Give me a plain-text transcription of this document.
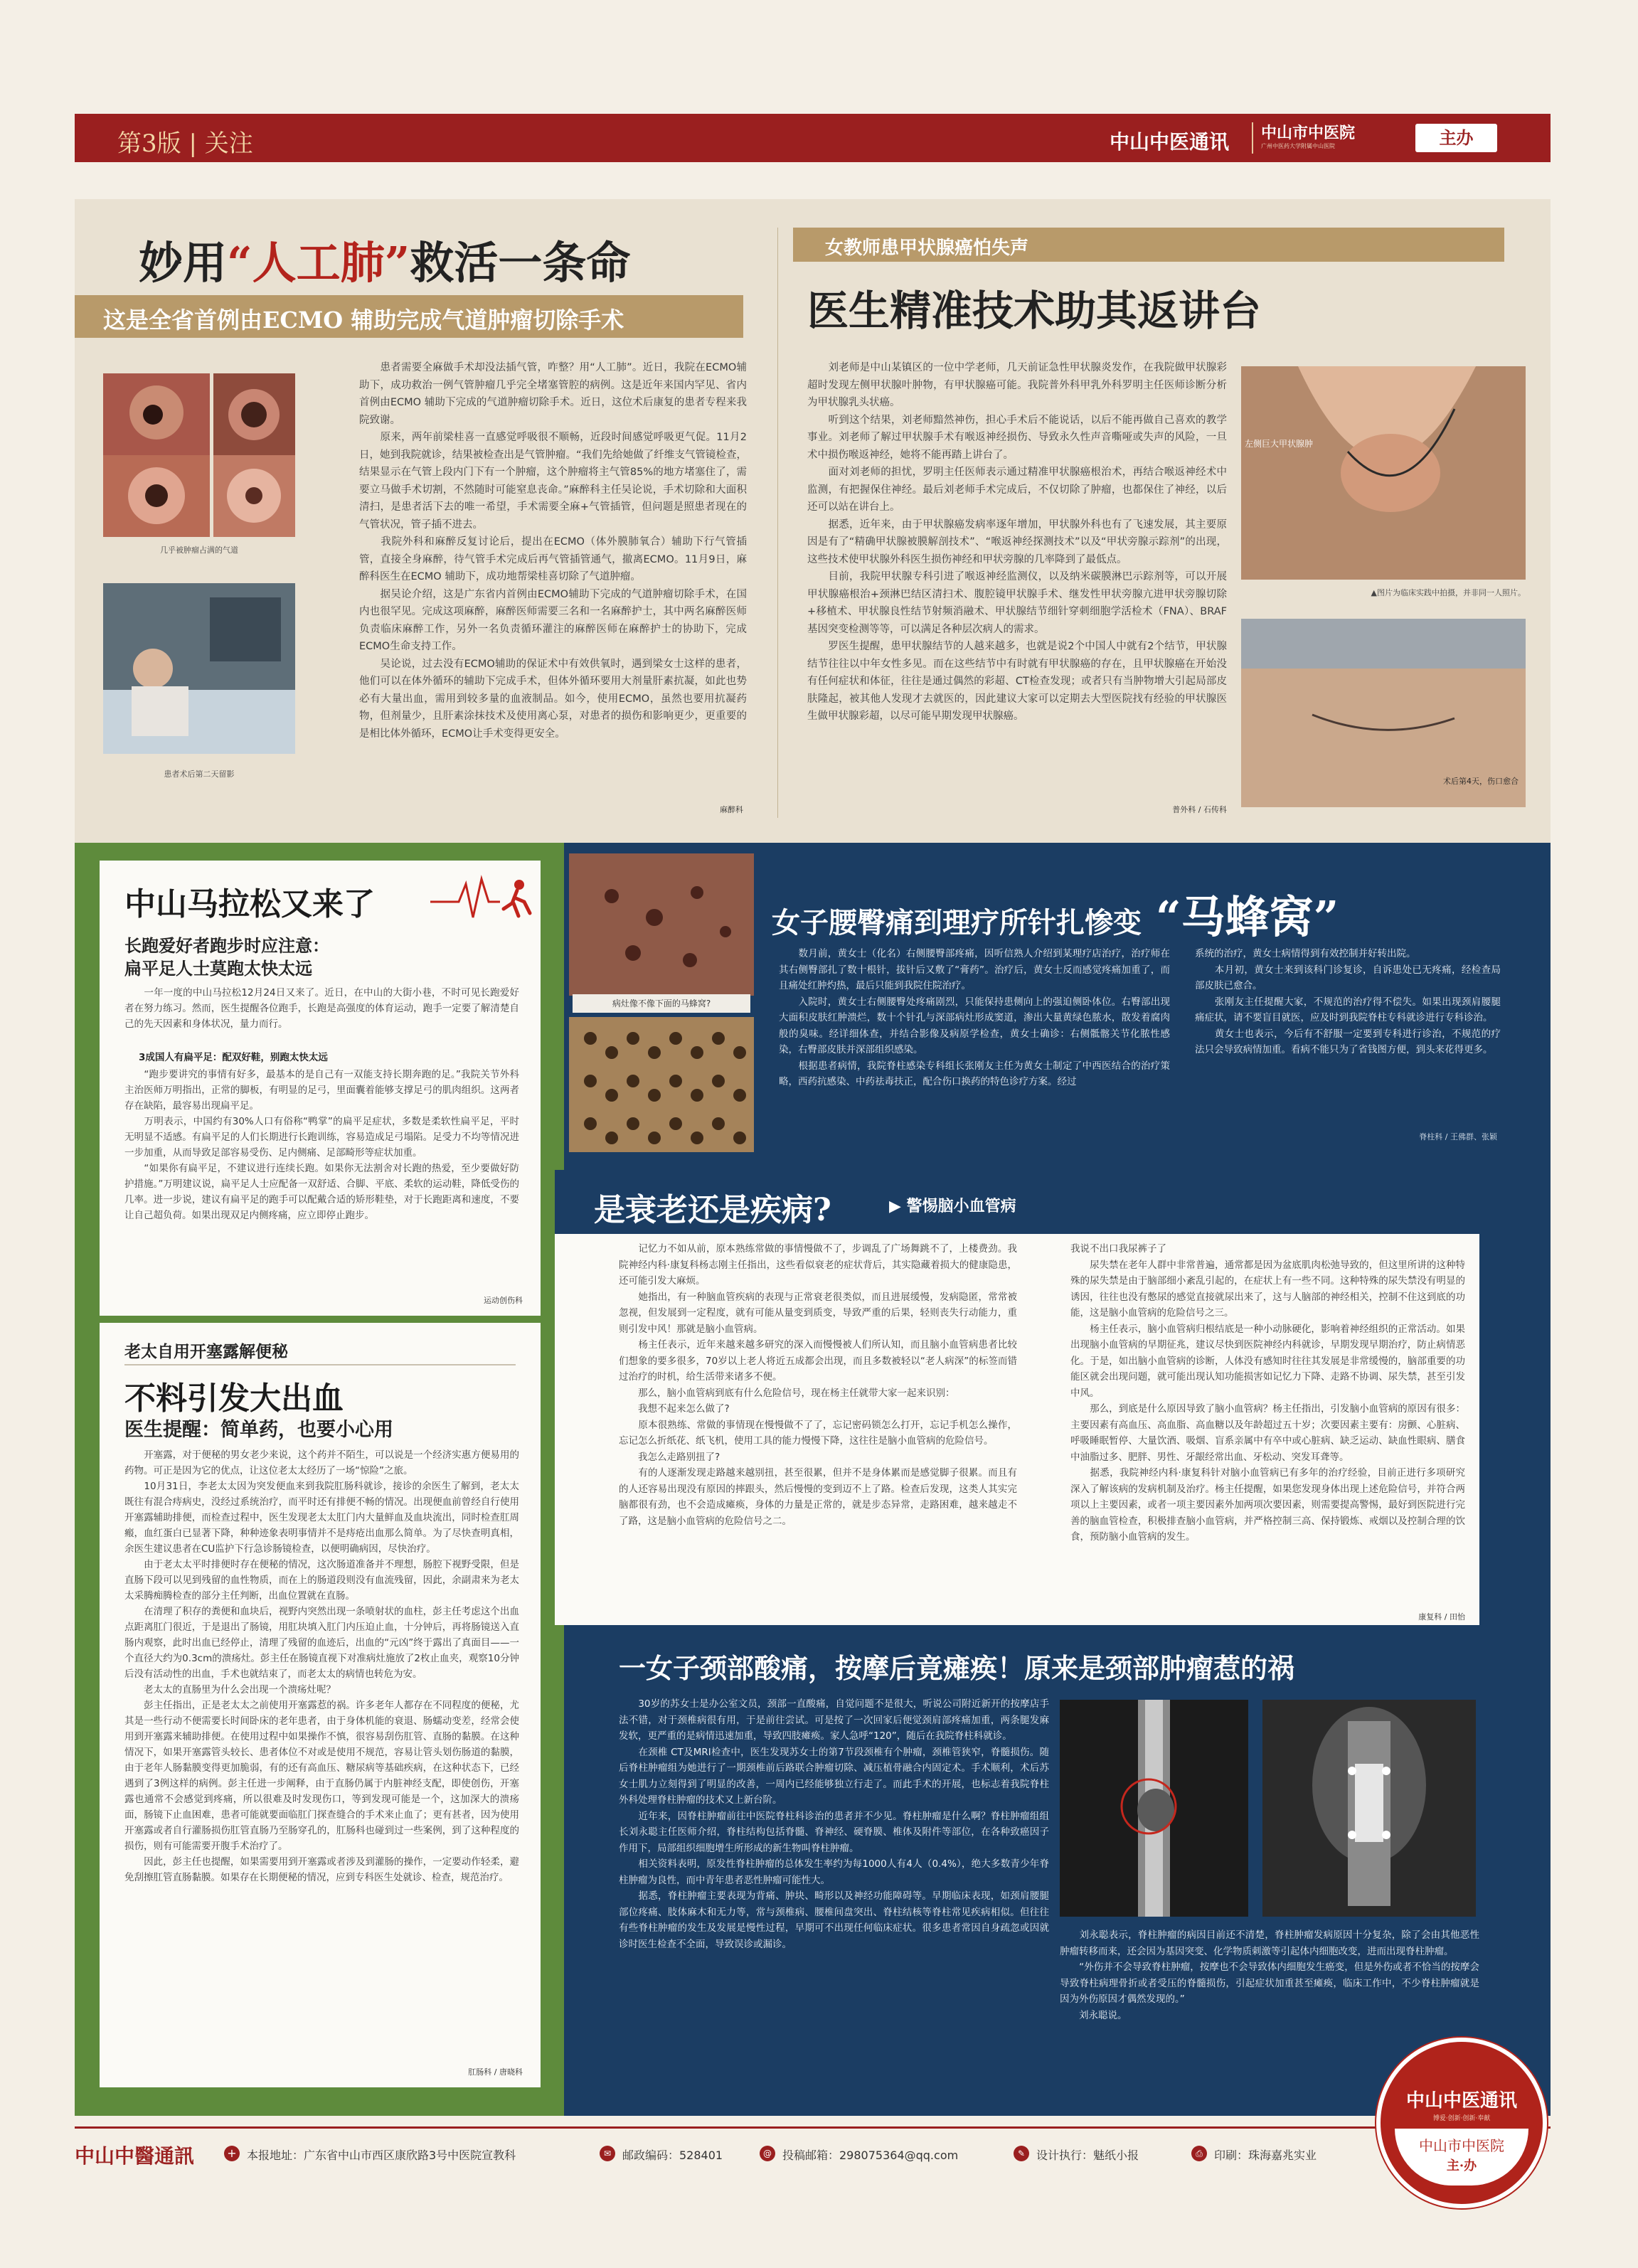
第3版 | 关注	中山中医通讯 中山市中医院
广州中医药大学附属中山医院	主办
妙用“人工肺”救活一条命
这是全省首例由ECMO 辅助完成气道肿瘤切除手术
几乎被肿瘤占满的气道
患者术后第二天留影
　　患者需要全麻做手术却没法插气管，咋整？用“人工肺”。近日，我院在ECMO辅助下，成功救治一例气管肿瘤几乎完全堵塞管腔的病例。这是近年来国内罕见、省内首例由ECMO 辅助下完成的气道肿瘤切除手术。近日，这位术后康复的患者专程来我院致谢。
　　原来，两年前梁桂喜一直感觉呼吸很不顺畅，近段时间感觉呼吸更气促。11月2日，她到我院就诊，结果被检查出是气管肿瘤。“我们先给她做了纤维支气管镜检查，结果显示在气管上段内门下有一个肿瘤，这个肿瘤将主气管85%的地方堵塞住了，需要立马做手术切割，不然随时可能窒息丧命。”麻醉科主任吴论说，手术切除和大面积清扫，是患者活下去的唯一希望，手术需要全麻+气管插管，但问题是照患者现在的气管状况，管子插不进去。
　　我院外科和麻醉反复讨论后，提出在ECMO（体外膜肺氧合）辅助下行气管插管，直接全身麻醉，待气管手术完成后再气管插管通气，撤离ECMO。11月9日，麻醉科医生在ECMO 辅助下，成功地帮梁桂喜切除了气道肿瘤。
　　据吴论介绍，这是广东省内首例由ECMO辅助下完成的气道肿瘤切除手术，在国内也很罕见。完成这项麻醉，麻醉医师需要三名和一名麻醉护士，其中两名麻醉医师负责临床麻醉工作，另外一名负责循环灌注的麻醉医师在麻醉护士的协助下，完成ECMO生命支持工作。
　　吴论说，过去没有ECMO辅助的保证术中有效供氧时，遇到梁女士这样的患者，他们可以在体外循环的辅助下完成手术，但体外循环要用大剂量肝素抗凝，如此也势必有大量出血，需用到较多量的血液制品。如今，使用ECMO，虽然也要用抗凝药物，但剂量少，且肝素涂抹技术及使用离心泵，对患者的损伤和影响更少，更重要的是相比体外循环，ECMO让手术变得更安全。
麻醉科
女教师患甲状腺癌怕失声
医生精准技术助其返讲台
　　刘老师是中山某镇区的一位中学老师，几天前证急性甲状腺炎发作，在我院做甲状腺彩超时发现左侧甲状腺叶肿物，有甲状腺癌可能。我院普外科甲乳外科罗明主任医师诊断分析为甲状腺乳头状癌。
　　听到这个结果，刘老师黯然神伤，担心手术后不能说话，以后不能再做自己喜欢的教学事业。刘老师了解过甲状腺手术有喉返神经损伤、导致永久性声音嘶哑或失声的风险，一旦术中损伤喉返神经，她将不能再踏上讲台了。
　　面对刘老师的担忧，罗明主任医师表示通过精准甲状腺癌根治术，再结合喉返神经术中监测，有把握保住神经。最后刘老师手术完成后，不仅切除了肿瘤，也都保住了神经，以后还可以站在讲台上。
　　据悉，近年来，由于甲状腺癌发病率逐年增加，甲状腺外科也有了飞速发展，其主要原因是有了“精确甲状腺被膜解剖技术”、“喉返神经探测技术”以及“甲状旁腺示踪剂”的出现，这些技术使甲状腺外科医生损伤神经和甲状旁腺的几率降到了最低点。
　　目前，我院甲状腺专科引进了喉返神经监测仪，以及纳米碳膜淋巴示踪剂等，可以开展甲状腺癌根治+颈淋巴结区清扫术、腹腔镜甲状腺手术、继发性甲状旁腺亢进甲状旁腺切除+移植术、甲状腺良性结节射频消融术、甲状腺结节细针穿刺细胞学活检术（FNA）、BRAF基因突变检测等等，可以满足各种层次病人的需求。
　　罗医生提醒，患甲状腺结节的人越来越多，也就是说2个中国人中就有2个结节，甲状腺结节往往以中年女性多见。而在这些结节中有时就有甲状腺癌的存在，且甲状腺癌在开始没有任何症状和体征，往往是通过偶然的彩超、CT检查发现；或者只有当肿物增大引起局部皮肤隆起，被其他人发现才去就医的，因此建议大家可以定期去大型医院找有经验的甲状腺医生做甲状腺彩超，以尽可能早期发现甲状腺癌。
普外科 / 石传科
左侧巨大甲状腺肿
▲图片为临床实践中拍摄，并非同一人照片。
术后第4天，伤口愈合
中山马拉松又来了
长跑爱好者跑步时应注意：
扁平足人士莫跑太快太远
　　一年一度的中山马拉松12月24日又来了。近日，在中山的大街小巷，不时可见长跑爱好者在努力练习。然而，医生提醒各位跑手，长跑是高强度的体育运动，跑手一定要了解清楚自己的先天因素和身体状况，量力而行。
3成国人有扁平足：配双好鞋，别跑太快太远
　　“跑步要讲究的事情有好多，最基本的是自己有一双能支持长期奔跑的足。”我院关节外科主治医师万明指出，正常的脚板，有明显的足弓，里面囊着能够支撑足弓的肌肉组织。这两者存在缺陷，最容易出现扁平足。
　　万明表示，中国约有30%人口有俗称“鸭掌”的扁平足症状，多数是柔软性扁平足，平时无明显不适感。有扁平足的人们长期进行长跑训练，容易造成足弓塌陷。足受力不均等情况进一步加重，从而导致足部容易受伤、足内侧痛、足部畸形等症状加重。
　　“如果你有扁平足，不建议进行连续长跑。如果你无法割舍对长跑的热爱，至少要做好防护措施。”万明建议说，扁平足人士应配备一双舒适、合脚、平底、柔软的运动鞋，降低受伤的几率。进一步说，建议有扁平足的跑手可以配戴合适的矫形鞋垫，对于长跑距离和速度，不要让自己超负荷。如果出现双足内侧疼痛，应立即停止跑步。
运动创伤科
老太自用开塞露解便秘
不料引发大出血
医生提醒：简单药，也要小心用
　　开塞露，对于便秘的男女老少来说，这个药并不陌生，可以说是一个经济实惠方便易用的药物。可正是因为它的优点，让这位老太太经历了一场“惊险”之旅。
　　10月31日，李老太太因为突发便血来到我院肛肠科就诊，接诊的余医生了解到，老太太既往有混合痔病史，没经过系统治疗，而平时还有排便不畅的情况。出现便血前曾经自行使用开塞露辅助排便，而检查过程中，医生发现老太太肛门内大量鲜血及血块流出，同时检查肛周瘢，血红蛋白已显著下降，种种迹象表明事情并不是痔疮出血那么简单。为了尽快查明真相，余医生建议患者在CU监护下行急诊肠镜检查，以便明确病因，尽快治疗。
　　由于老太太平时排便时存在便秘的情况，这次肠道准备并不理想，肠腔下视野受限，但是直肠下段可以见到残留的血性物质，而在上的肠道段则没有血流残留，因此，余副肃来为老太太采腾痴腾检查的部分主任判断，出血位置就在直肠。
　　在清理了积存的粪便和血块后，视野内突然出现一条喷射状的血柱，彭主任考虑这个出血点距离肛门很近，于是退出了肠镜，用肛块填入肛门内压迫止血，十分钟后，再将肠镜送入直肠内观察，此时出血已经停止，清理了残留的血迹后，出血的“元凶”终于露出了真面目——一个直径大约为0.3cm的溃疡灶。彭主任在肠镜直视下对准病灶施放了2枚止血夹，观察10分钟后没有活动性的出血，手术也就结束了，而老太太的病情也转危为安。
　　老太太的直肠里为什么会出现一个溃疡灶呢？
　　彭主任指出，正是老太太之前使用开塞露惹的祸。许多老年人都存在不同程度的便秘，尤其是一些行动不便需要长时间卧床的老年患者，由于身体机能的衰退、肠蠕动变差，经常会使用到开塞露来辅助排便。在使用过程中如果操作不慎，很容易刮伤肛管、直肠的黏膜。在这种情况下，如果开塞露管头较长、患者体位不对或是使用不规范，容易让管头划伤肠道的黏膜，由于老年人肠黏膜变得更加脆弱，有的还有高血压、糖尿病等基础疾病，在这种状态下，已经遇到了3例这样的病例。彭主任进一步阐释，由于直肠仍属于内脏神经支配，即使创伤，开塞露也通常不会感觉到疼痛，所以很难及时发现伤口，等到发现可能是一个，这加深大的溃疡面，肠镜下止血困难，患者可能就要面临肛门探查缝合的手术来止血了；更有甚者，因为使用开塞露或者自行灌肠损伤肛管直肠乃至肠穿孔的，肛肠科也碰到过一些案例，到了这种程度的损伤，则有可能需要开腹手术治疗了。
　　因此，彭主任也提醒，如果需要用到开塞露或者涉及到灌肠的操作，一定要动作轻柔，避免刮擦肛管直肠黏膜。如果存在长期便秘的情况，应到专科医生处就诊、检查，规范治疗。
肛肠科 / 唐晓科
病灶像不像下面的马蜂窝?
女子腰臀痛到理疗所针扎惨变 “马蜂窝”
　　数月前，黄女士（化名）右侧腰臀部疼痛，因听信熟人介绍到某理疗店治疗，治疗师在其右侧臀部扎了数十根针，拔针后又敷了“膏药”。治疗后，黄女士反而感觉疼痛加重了，而且痛处红肿灼热，最后只能到我院住院治疗。
　　入院时，黄女士右侧腰臀处疼痛剧烈，只能保持患侧向上的强迫侧卧体位。右臀部出现大面积皮肤红肿溃烂，数十个针孔与深部病灶形成窦道，渗出大量黄绿色脓水，散发着腐肉般的臭味。经详细体查，并结合影像及病原学检查，黄女士确诊：右侧骶髂关节化脓性感染，右臀部皮肤并深部组织感染。
　　根据患者病情，我院脊柱感染专科组长张刚友主任为黄女士制定了中西医结合的治疗策略，西药抗感染、中药祛毒扶正，配合伤口换药的特色诊疗方案。经过
系统的治疗，黄女士病情得到有效控制并好转出院。
　　本月初，黄女士来到该科门诊复诊，自诉患处已无疼痛，经检查局部皮肤已愈合。
　　张刚友主任提醒大家，不规范的治疗得不偿失。如果出现颈肩腰腿痛症状，请不要盲目就医，应及时到我院脊柱专科就诊进行专科诊治。
　　黄女士也表示，今后有不舒服一定要到专科进行诊治，不规范的疗法只会导致病情加重。看病不能只为了省钱图方便，到头来花得更多。
脊柱科 / 王佛群、张颖
是衰老还是疾病?	▶ 警惕脑小血管病
　　记忆力不如从前，原本熟练常做的事情慢做不了，步调乱了广场舞跳不了，上楼费劲。我院神经内科·康复科杨志刚主任指出，这些看似衰老的症状背后，其实隐藏着损大的健康隐患，还可能引发大麻烦。
　　她指出，有一种脑血管疾病的表现与正常衰老很类似，而且进展缓慢，发病隐匿，常常被忽视，但发展到一定程度，就有可能从量变到质变，导致严重的后果，轻则丧失行动能力，重则引发中风！那就是脑小血管病。
　　杨主任表示，近年来越来越多研究的深入而慢慢被人们所认知，而且脑小血管病患者比较们想象的要多很多，70岁以上老人将近五成都会出现，而且多数被轻以“老人病深”的标签而错过治疗的时机，给生活带来诸多不便。
　　那么，脑小血管病到底有什么危险信号，现在杨主任就带大家一起来识别：
　　我想不起来怎么做了?
　　原本很熟练、常做的事情现在慢慢做不了了，忘记密码锁怎么打开，忘记手机怎么操作，忘记怎么折纸花、纸飞机，使用工具的能力慢慢下降，这往往是脑小血管病的危险信号。
　　我怎么走路别扭了?
　　有的人逐渐发现走路越来越别扭，甚至很累，但并不是身体累而是感觉脚子很累。而且有的人还容易出现没有原因的摔跟头，然后慢慢的变到迈不上了路。检查后发现，这类人其实完脑都很有劲，也不会造成瘫痪，身体的力量是正常的，就是步态异常，走路困难，越来越走不了路，这是脑小血管病的危险信号之二。
我说不出口我尿裤子了
　　尿失禁在老年人群中非常普遍，通常都是因为盆底肌肉松弛导致的，但这里所讲的这种特殊的尿失禁是由于脑部细小紊乱引起的，在症状上有一些不同。这种特殊的尿失禁没有明显的诱因，往往也没有憋尿的感觉直接就尿出来了，这与人脑部的神经相关，控制不住这到底的功能，这是脑小血管病的危险信号之三。
　　杨主任表示，脑小血管病归根结底是一种小动脉硬化，影响着神经组织的正常活动。如果出现脑小血管病的早期征兆，建议尽快到医院神经内科就诊，早期发现早期治疗，防止病情恶化。于是，如出脑小血管病的诊断，人体没有感知时往往其发展是非常缓慢的，脑部重要的功能区就会出现问题，就可能出现认知功能损害如记忆力下降、走路不协调、尿失禁，甚至引发中风。
　　那么，到底是什么原因导致了脑小血管病？杨主任指出，引发脑小血管病的原因有很多：主要因素有高血压、高血脂、高血糖以及年龄超过五十岁；次要因素主要有：房颤、心脏病、呼吸睡眠暂停、大量饮酒、吸烟、盲系亲属中有卒中或心脏病、缺乏运动、缺血性眼病、膳食中油脂过多、肥胖、男性、牙龈经常出血、牙松动、突发耳聋等。
　　据悉，我院神经内科·康复科针对脑小血管病已有多年的治疗经验，目前正进行多项研究深入了解该病的发病机制及治疗。杨主任提醒，如果您发现身体出现上述危险信号，并符合两项以上主要因素，或者一项主要因素外加两项次要因素，则需要提高警惕，最好到医院进行完善的脑血管检查，积极排查脑小血管病，并严格控制三高、保持锻炼、戒烟以及控制合理的饮食，预防脑小血管病的发生。
康复科 / 田怡
一女子颈部酸痛，按摩后竟瘫痪！原来是颈部肿瘤惹的祸
　　30岁的苏女士是办公室文员，颈部一直酸痛，自觉问题不是很大，听说公司附近新开的按摩店手法不错，对于颈椎病很有用，于是前往尝试。可是按了一次回家后便觉颈肩部疼痛加重，两条腿发麻发软，更严重的是病情迅速加重，导致四肢瘫痪。家人急呼“120”，随后在我院脊柱科就诊。
　　在颈椎 CT及MRI检查中，医生发现苏女士的第7节段颈椎有个肿瘤，颈椎管狭窄，脊髓损伤。随后脊柱肿瘤组为她进行了一期颈椎前后路联合肿瘤切除、减压植骨融合内固定术。手术顺利，术后苏女士肌力立刻得到了明显的改善，一周内已经能够独立行走了。而此手术的开展，也标志着我院脊柱外科处理脊柱肿瘤的技术又上新台阶。
　　近年来，因脊柱肿瘤前往中医院脊柱科诊治的患者并不少见。脊柱肿瘤是什么啊？脊柱肿瘤组组长刘永聪主任医师介绍，脊柱结构包括脊髓、脊神经、硬脊膜、椎体及附件等部位，在各种致癌因子作用下，局部组织细胞增生所形成的新生物叫脊柱肿瘤。
　　相关资料表明，原发性脊柱肿瘤的总体发生率约为每1000人有4人（0.4%），绝大多数青少年脊柱肿瘤为良性，而中青年患者恶性肿瘤可能性大。
　　据悉，脊柱肿瘤主要表现为背痛、肿块、畸形以及神经功能障碍等。早期临床表现，如颈肩腰腿部位疼痛、肢体麻木和无力等，常与颈椎病、腰椎间盘突出、脊柱结核等脊柱常见疾病相似。但往往有些脊柱肿瘤的发生及发展是慢性过程，早期可不出现任何临床症状。很多患者常因自身疏忽或因就诊时医生检查不全面，导致误诊或漏诊。
　　刘永聪表示，脊柱肿瘤的病因目前还不清楚，脊柱肿瘤发病原因十分复杂，除了会由其他恶性肿瘤转移而来，还会因为基因突变、化学物质刺激等引起体内细胞改变，进而出现脊柱肿瘤。
　　“外伤并不会导致脊柱肿瘤，按摩也不会导致体内细胞发生癌变，但是外伤或者不恰当的按摩会导致脊柱病理骨折或者受压的脊髓损伤，引起症状加重甚至瘫痪，临床工作中，不少脊柱肿瘤就是因为外伤原因才偶然发现的。”
　　刘永聪说。
中山中醫通訊	+ 本报地址：广东省中山市西区康欣路3号中医院宣教科	✉ 邮政编码：528401	@ 投稿邮箱：298075364@qq.com	✎ 设计执行：魅纸小报	⎙	印刷：珠海嘉兆实业
中山中医通讯
博爱·创新·创新·奉献
中山市中医院
主·办
